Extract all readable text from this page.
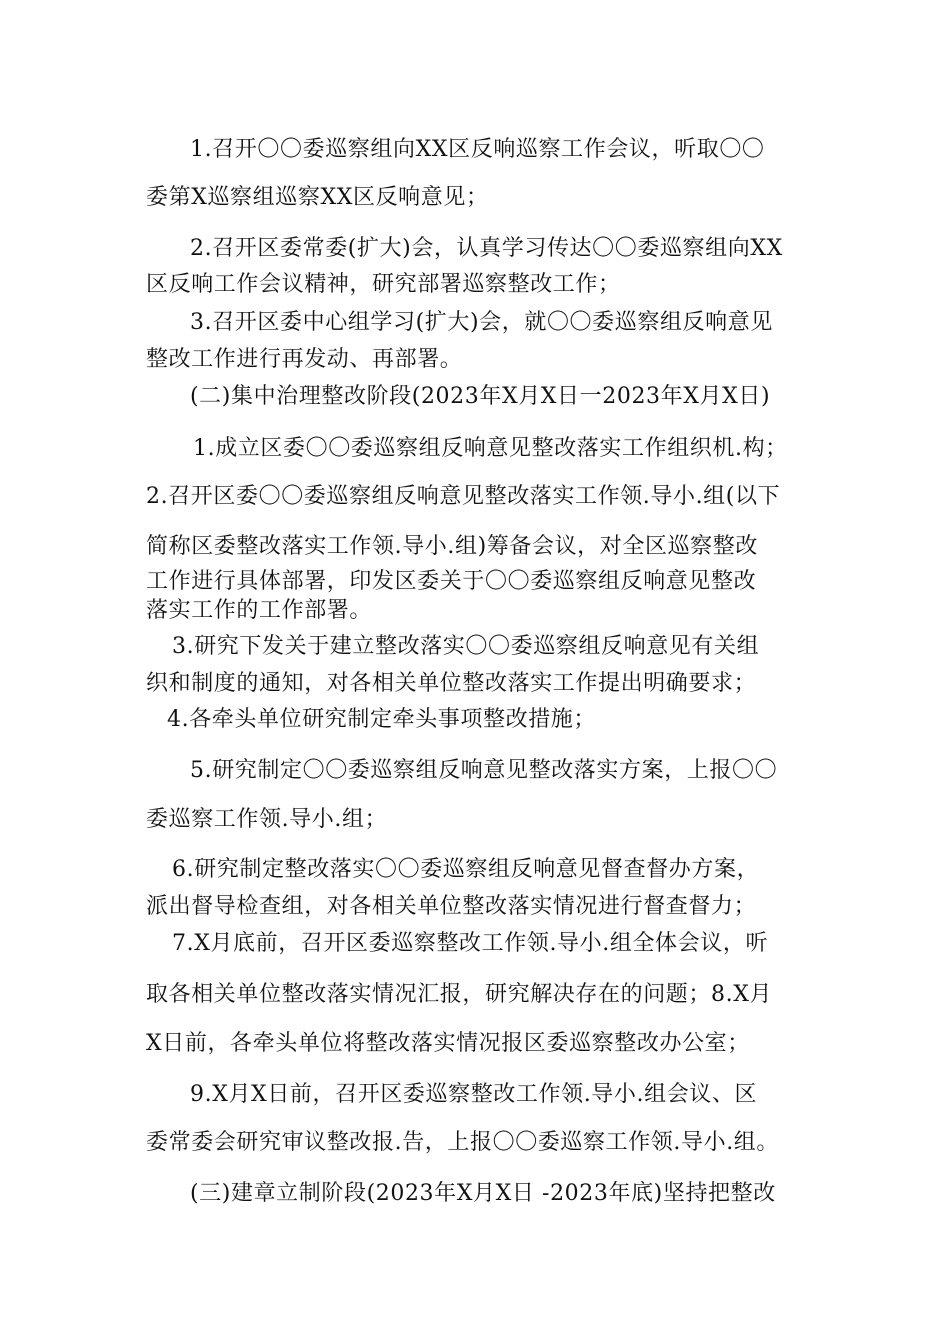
1.召开〇〇委巡察组向XX区反响巡察工作会议，听取〇〇
委第X巡察组巡察XX区反响意见；
2.召开区委常委(扩大)会，认真学习传达〇〇委巡察组向XX
区反响工作会议精神，研究部署巡察整改工作；
3.召开区委中心组学习(扩大)会，就〇〇委巡察组反响意见
整改工作进行再发动、再部署。
(二)集中治理整改阶段(2023年X月X日一2023年X月X日)
1.成立区委〇〇委巡察组反响意见整改落实工作组织机.构；
2.召开区委〇〇委巡察组反响意见整改落实工作领.导小.组(以下
简称区委整改落实工作领.导小.组)筹备会议，对全区巡察整改
工作进行具体部署，印发区委关于〇〇委巡察组反响意见整改
落实工作的工作部署。
3.研究下发关于建立整改落实〇〇委巡察组反响意见有关组
织和制度的通知，对各相关单位整改落实工作提出明确要求；
4.各牵头单位研究制定牵头事项整改措施；
5.研究制定〇〇委巡察组反响意见整改落实方案，上报〇〇
委巡察工作领.导小.组；
6.研究制定整改落实〇〇委巡察组反响意见督查督办方案，
派出督导检查组，对各相关单位整改落实情况进行督查督力；
7.X月底前，召开区委巡察整改工作领.导小.组全体会议，听
取各相关单位整改落实情况汇报，研究解决存在的问题；8.X月
X日前，各牵头单位将整改落实情况报区委巡察整改办公室；
9.X月X日前，召开区委巡察整改工作领.导小.组会议、区
委常委会研究审议整改报.告，上报〇〇委巡察工作领.导小.组。
(三)建章立制阶段(2023年X月X日 -2023年底)坚持把整改
